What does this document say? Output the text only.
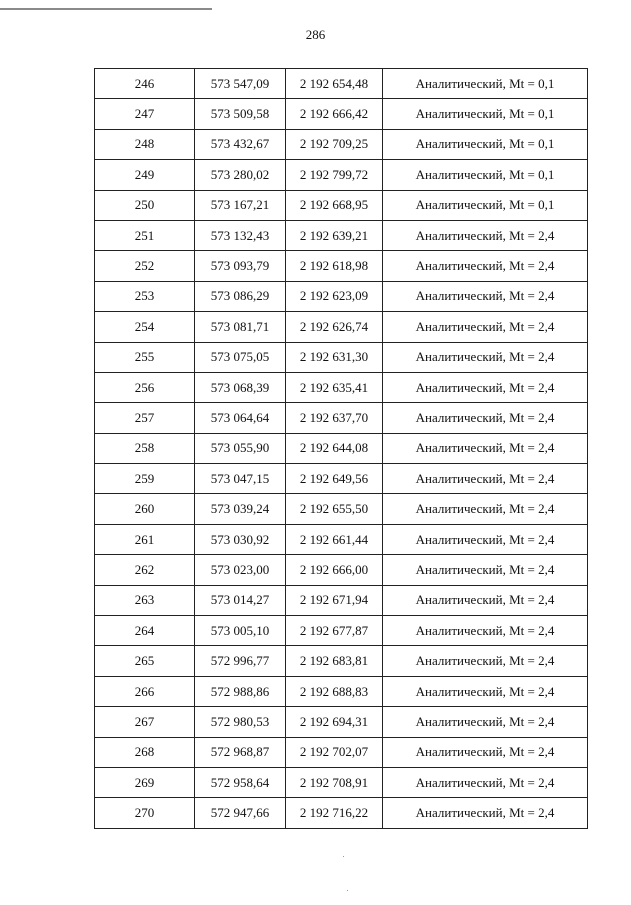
286
246	573 547,09	2 192 654,48	Аналитический, Mt = 0,1
247	573 509,58	2 192 666,42	Аналитический, Mt = 0,1
248	573 432,67	2 192 709,25	Аналитический, Mt = 0,1
249	573 280,02	2 192 799,72	Аналитический, Mt = 0,1
250	573 167,21	2 192 668,95	Аналитический, Mt = 0,1
251	573 132,43	2 192 639,21	Аналитический, Mt = 2,4
252	573 093,79	2 192 618,98	Аналитический, Mt = 2,4
253	573 086,29	2 192 623,09	Аналитический, Mt = 2,4
254	573 081,71	2 192 626,74	Аналитический, Mt = 2,4
255	573 075,05	2 192 631,30	Аналитический, Mt = 2,4
256	573 068,39	2 192 635,41	Аналитический, Mt = 2,4
257	573 064,64	2 192 637,70	Аналитический, Mt = 2,4
258	573 055,90	2 192 644,08	Аналитический, Mt = 2,4
259	573 047,15	2 192 649,56	Аналитический, Mt = 2,4
260	573 039,24	2 192 655,50	Аналитический, Mt = 2,4
261	573 030,92	2 192 661,44	Аналитический, Mt = 2,4
262	573 023,00	2 192 666,00	Аналитический, Mt = 2,4
263	573 014,27	2 192 671,94	Аналитический, Mt = 2,4
264	573 005,10	2 192 677,87	Аналитический, Mt = 2,4
265	572 996,77	2 192 683,81	Аналитический, Mt = 2,4
266	572 988,86	2 192 688,83	Аналитический, Mt = 2,4
267	572 980,53	2 192 694,31	Аналитический, Mt = 2,4
268	572 968,87	2 192 702,07	Аналитический, Mt = 2,4
269	572 958,64	2 192 708,91	Аналитический, Mt = 2,4
270	572 947,66	2 192 716,22	Аналитический, Mt = 2,4
